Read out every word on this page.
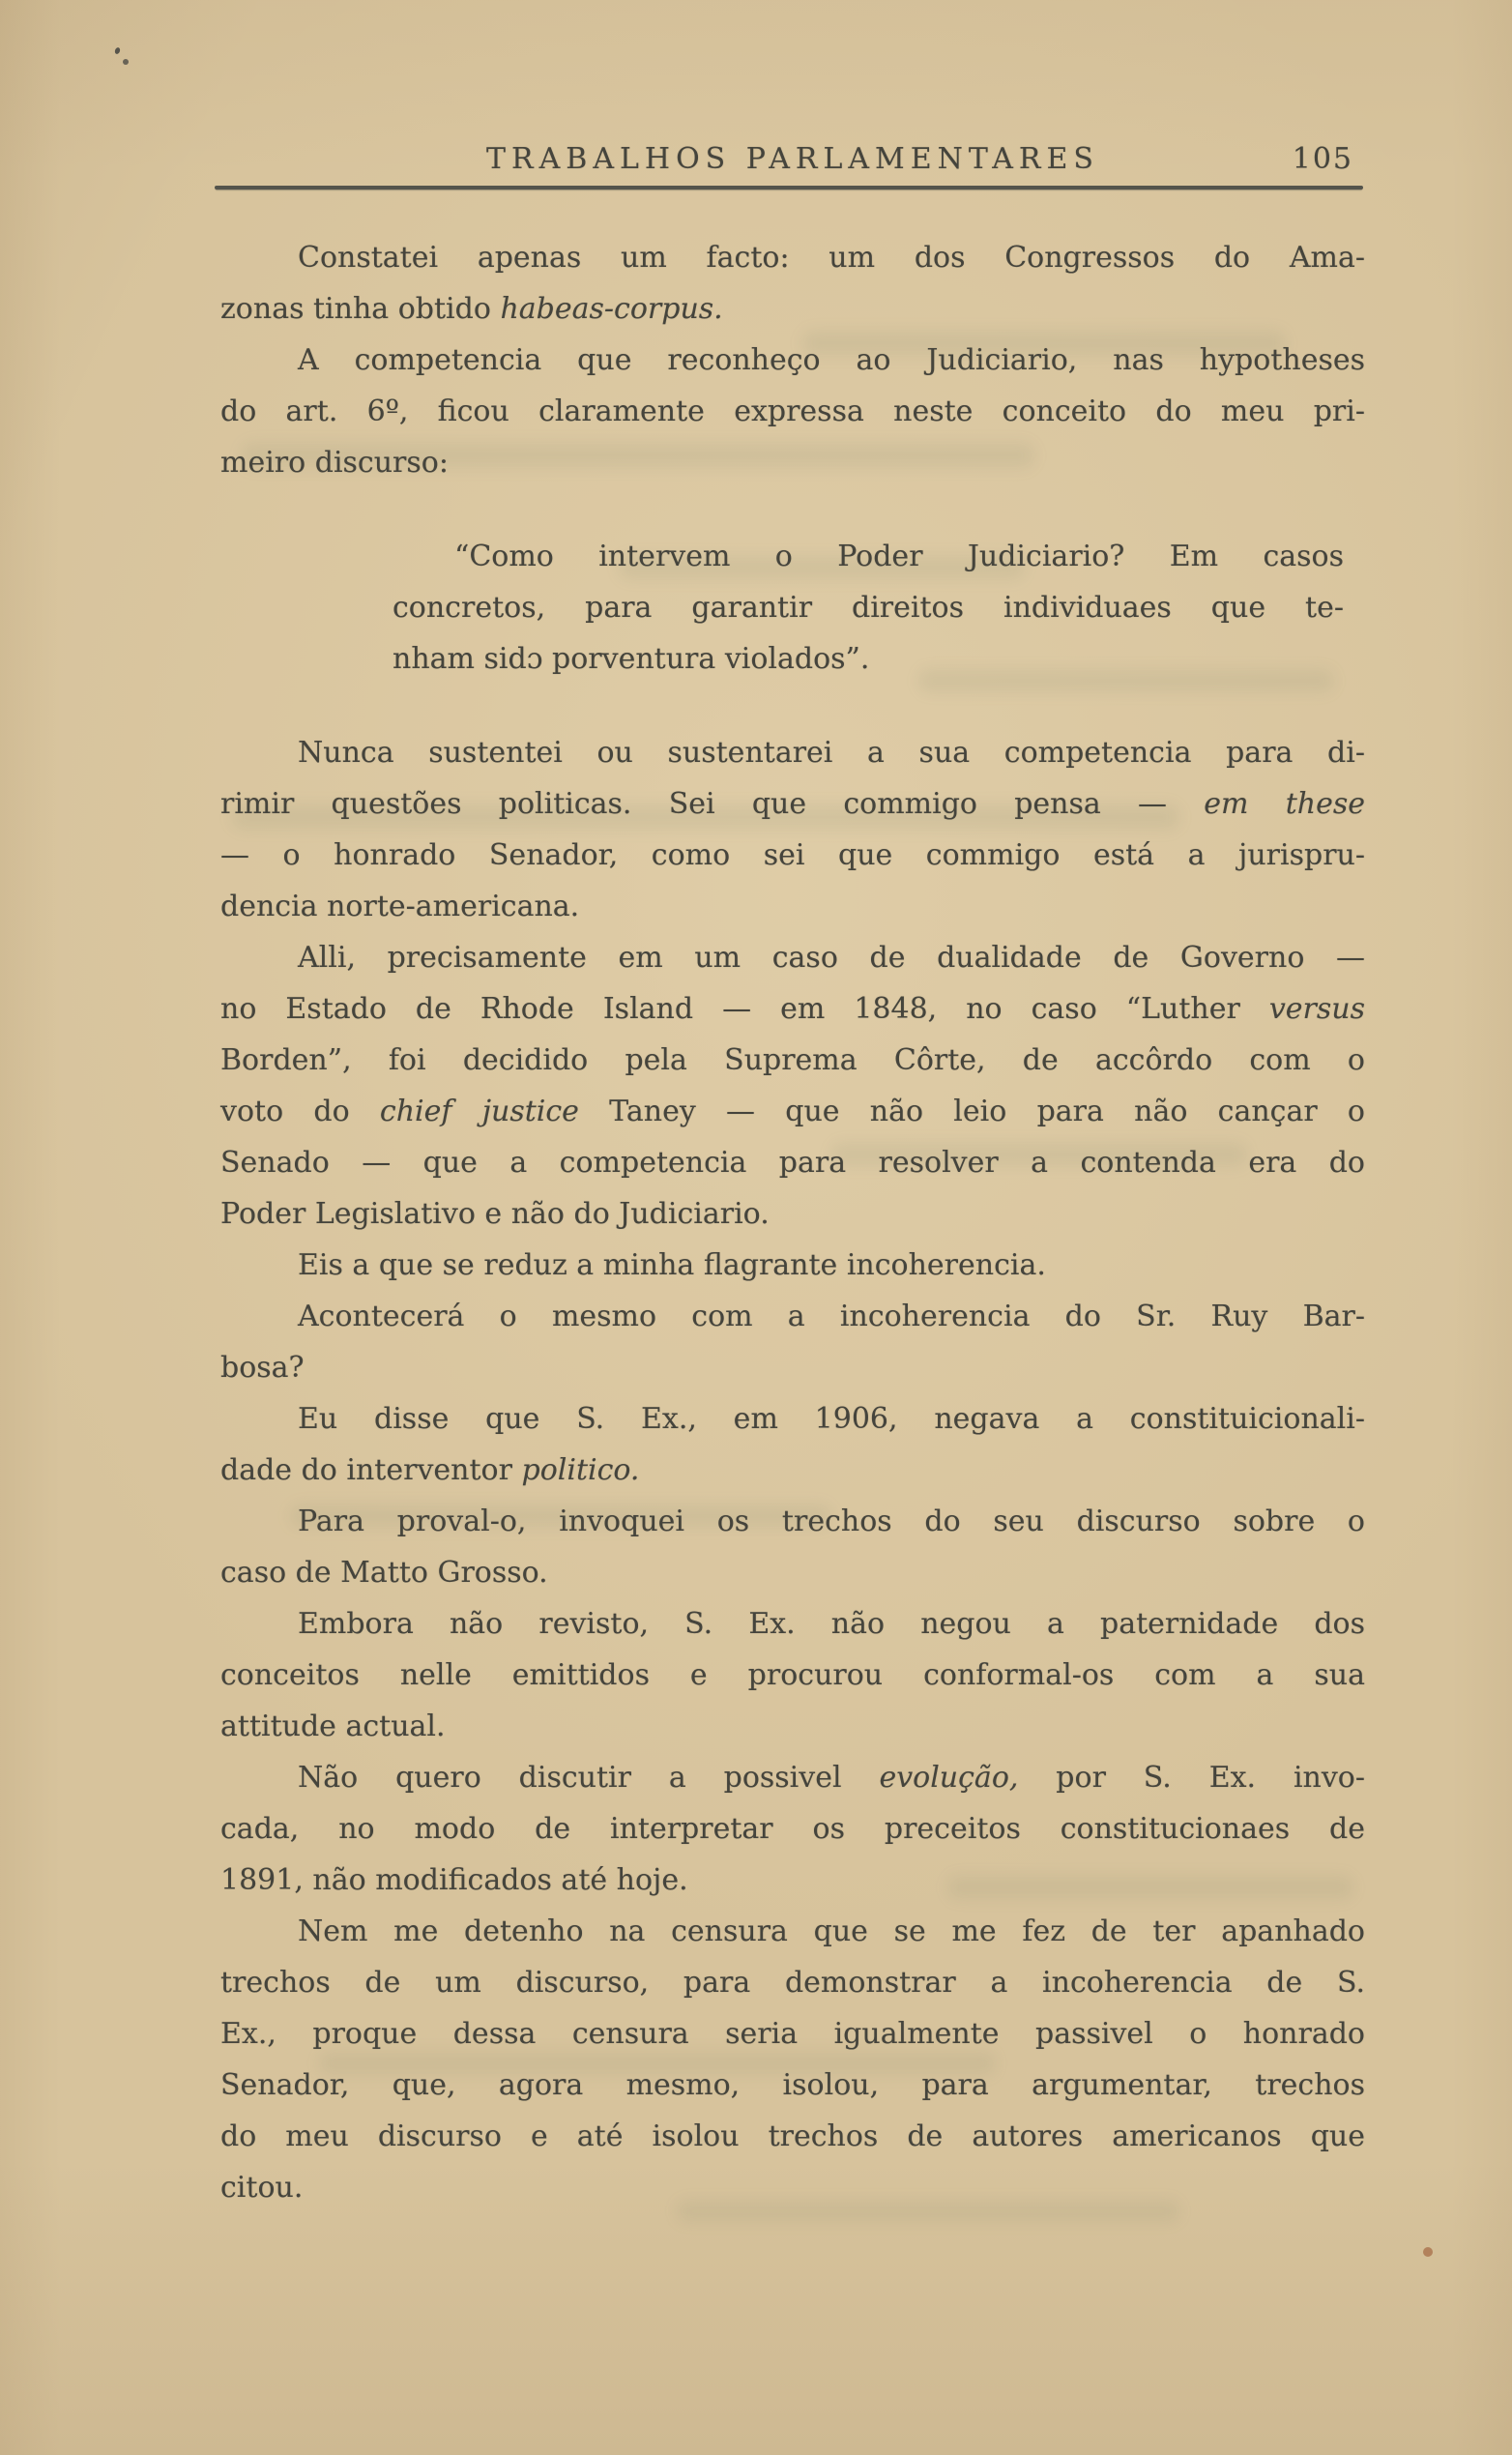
TRABALHOS PARLAMENTARES	105
Constatei apenas um facto: um dos Congressos do Ama-
zonas tinha obtido habeas-corpus.
A competencia que reconheço ao Judiciario, nas hypotheses
do art. 6º, ficou claramente expressa neste conceito do meu pri-
meiro discurso:
“Como intervem o Poder Judiciario? Em casos
concretos, para garantir direitos individuaes que te-
nham sidɔ porventura violados”.
Nunca sustentei ou sustentarei a sua competencia para di-
rimir questões politicas. Sei que commigo pensa — em these
— o honrado Senador, como sei que commigo está a jurispru-
dencia norte-americana.
Alli, precisamente em um caso de dualidade de Governo —
no Estado de Rhode Island — em 1848, no caso “Luther versus
Borden”, foi decidido pela Suprema Côrte, de accôrdo com o
voto do chief justice Taney — que não leio para não cançar o
Senado — que a competencia para resolver a contenda era do
Poder Legislativo e não do Judiciario.
Eis a que se reduz a minha flagrante incoherencia.
Acontecerá o mesmo com a incoherencia do Sr. Ruy Bar-
bosa?
Eu disse que S. Ex., em 1906, negava a constituicionali-
dade do interventor politico.
Para proval-o, invoquei os trechos do seu discurso sobre o
caso de Matto Grosso.
Embora não revisto, S. Ex. não negou a paternidade dos
conceitos nelle emittidos e procurou conformal-os com a sua
attitude actual.
Não quero discutir a possivel evolução, por S. Ex. invo-
cada, no modo de interpretar os preceitos constitucionaes de
1891, não modificados até hoje.
Nem me detenho na censura que se me fez de ter apanhado
trechos de um discurso, para demonstrar a incoherencia de S.
Ex., proque dessa censura seria igualmente passivel o honrado
Senador, que, agora mesmo, isolou, para argumentar, trechos
do meu discurso e até isolou trechos de autores americanos que
citou.
